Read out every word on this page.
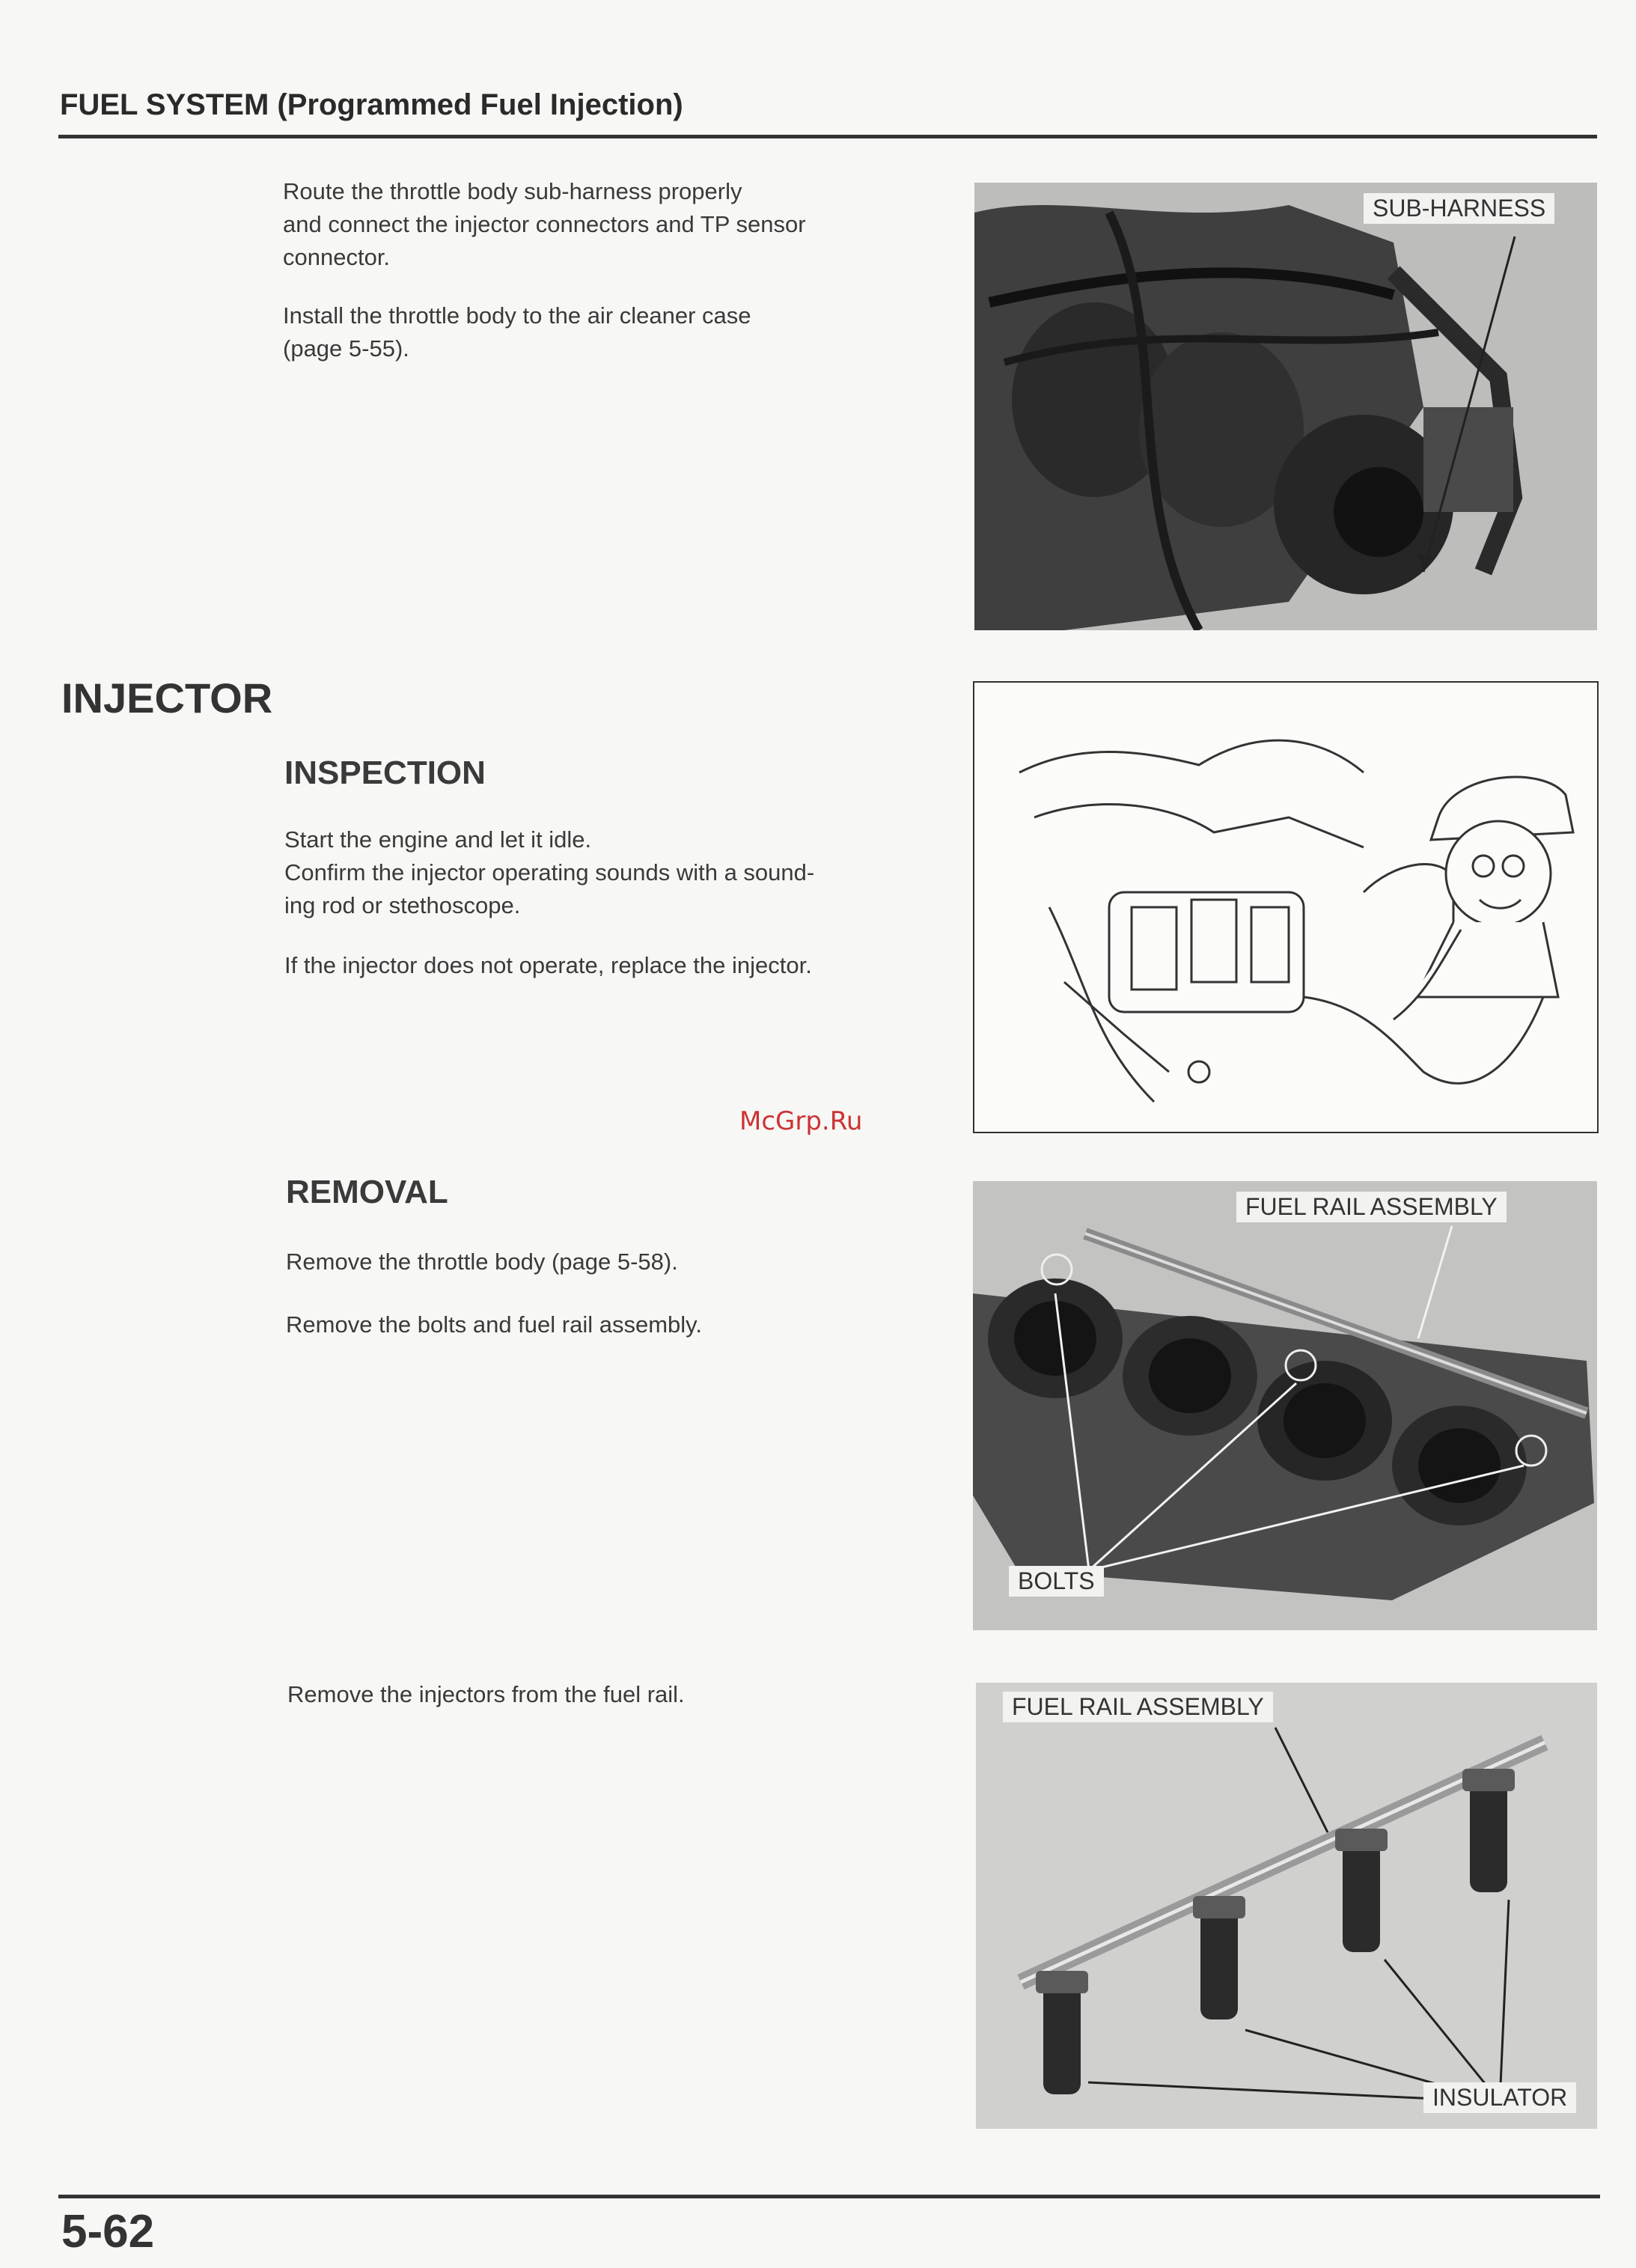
FUEL SYSTEM (Programmed Fuel Injection)
Route the throttle body sub-harness properly
and connect the injector connectors and TP sensor
connector.
Install the throttle body to the air cleaner case
(page 5-55).
SUB-HARNESS
INJECTOR
INSPECTION
Start the engine and let it idle.
Confirm the injector operating sounds with a sound-
ing rod or stethoscope.
If the injector does not operate, replace the injector.
McGrp.Ru
REMOVAL
Remove the throttle body (page 5-58).
Remove the bolts and fuel rail assembly.
FUEL RAIL ASSEMBLY
BOLTS
Remove the injectors from the fuel rail.	FUEL RAIL ASSEMBLY
INSULATOR
5-62
